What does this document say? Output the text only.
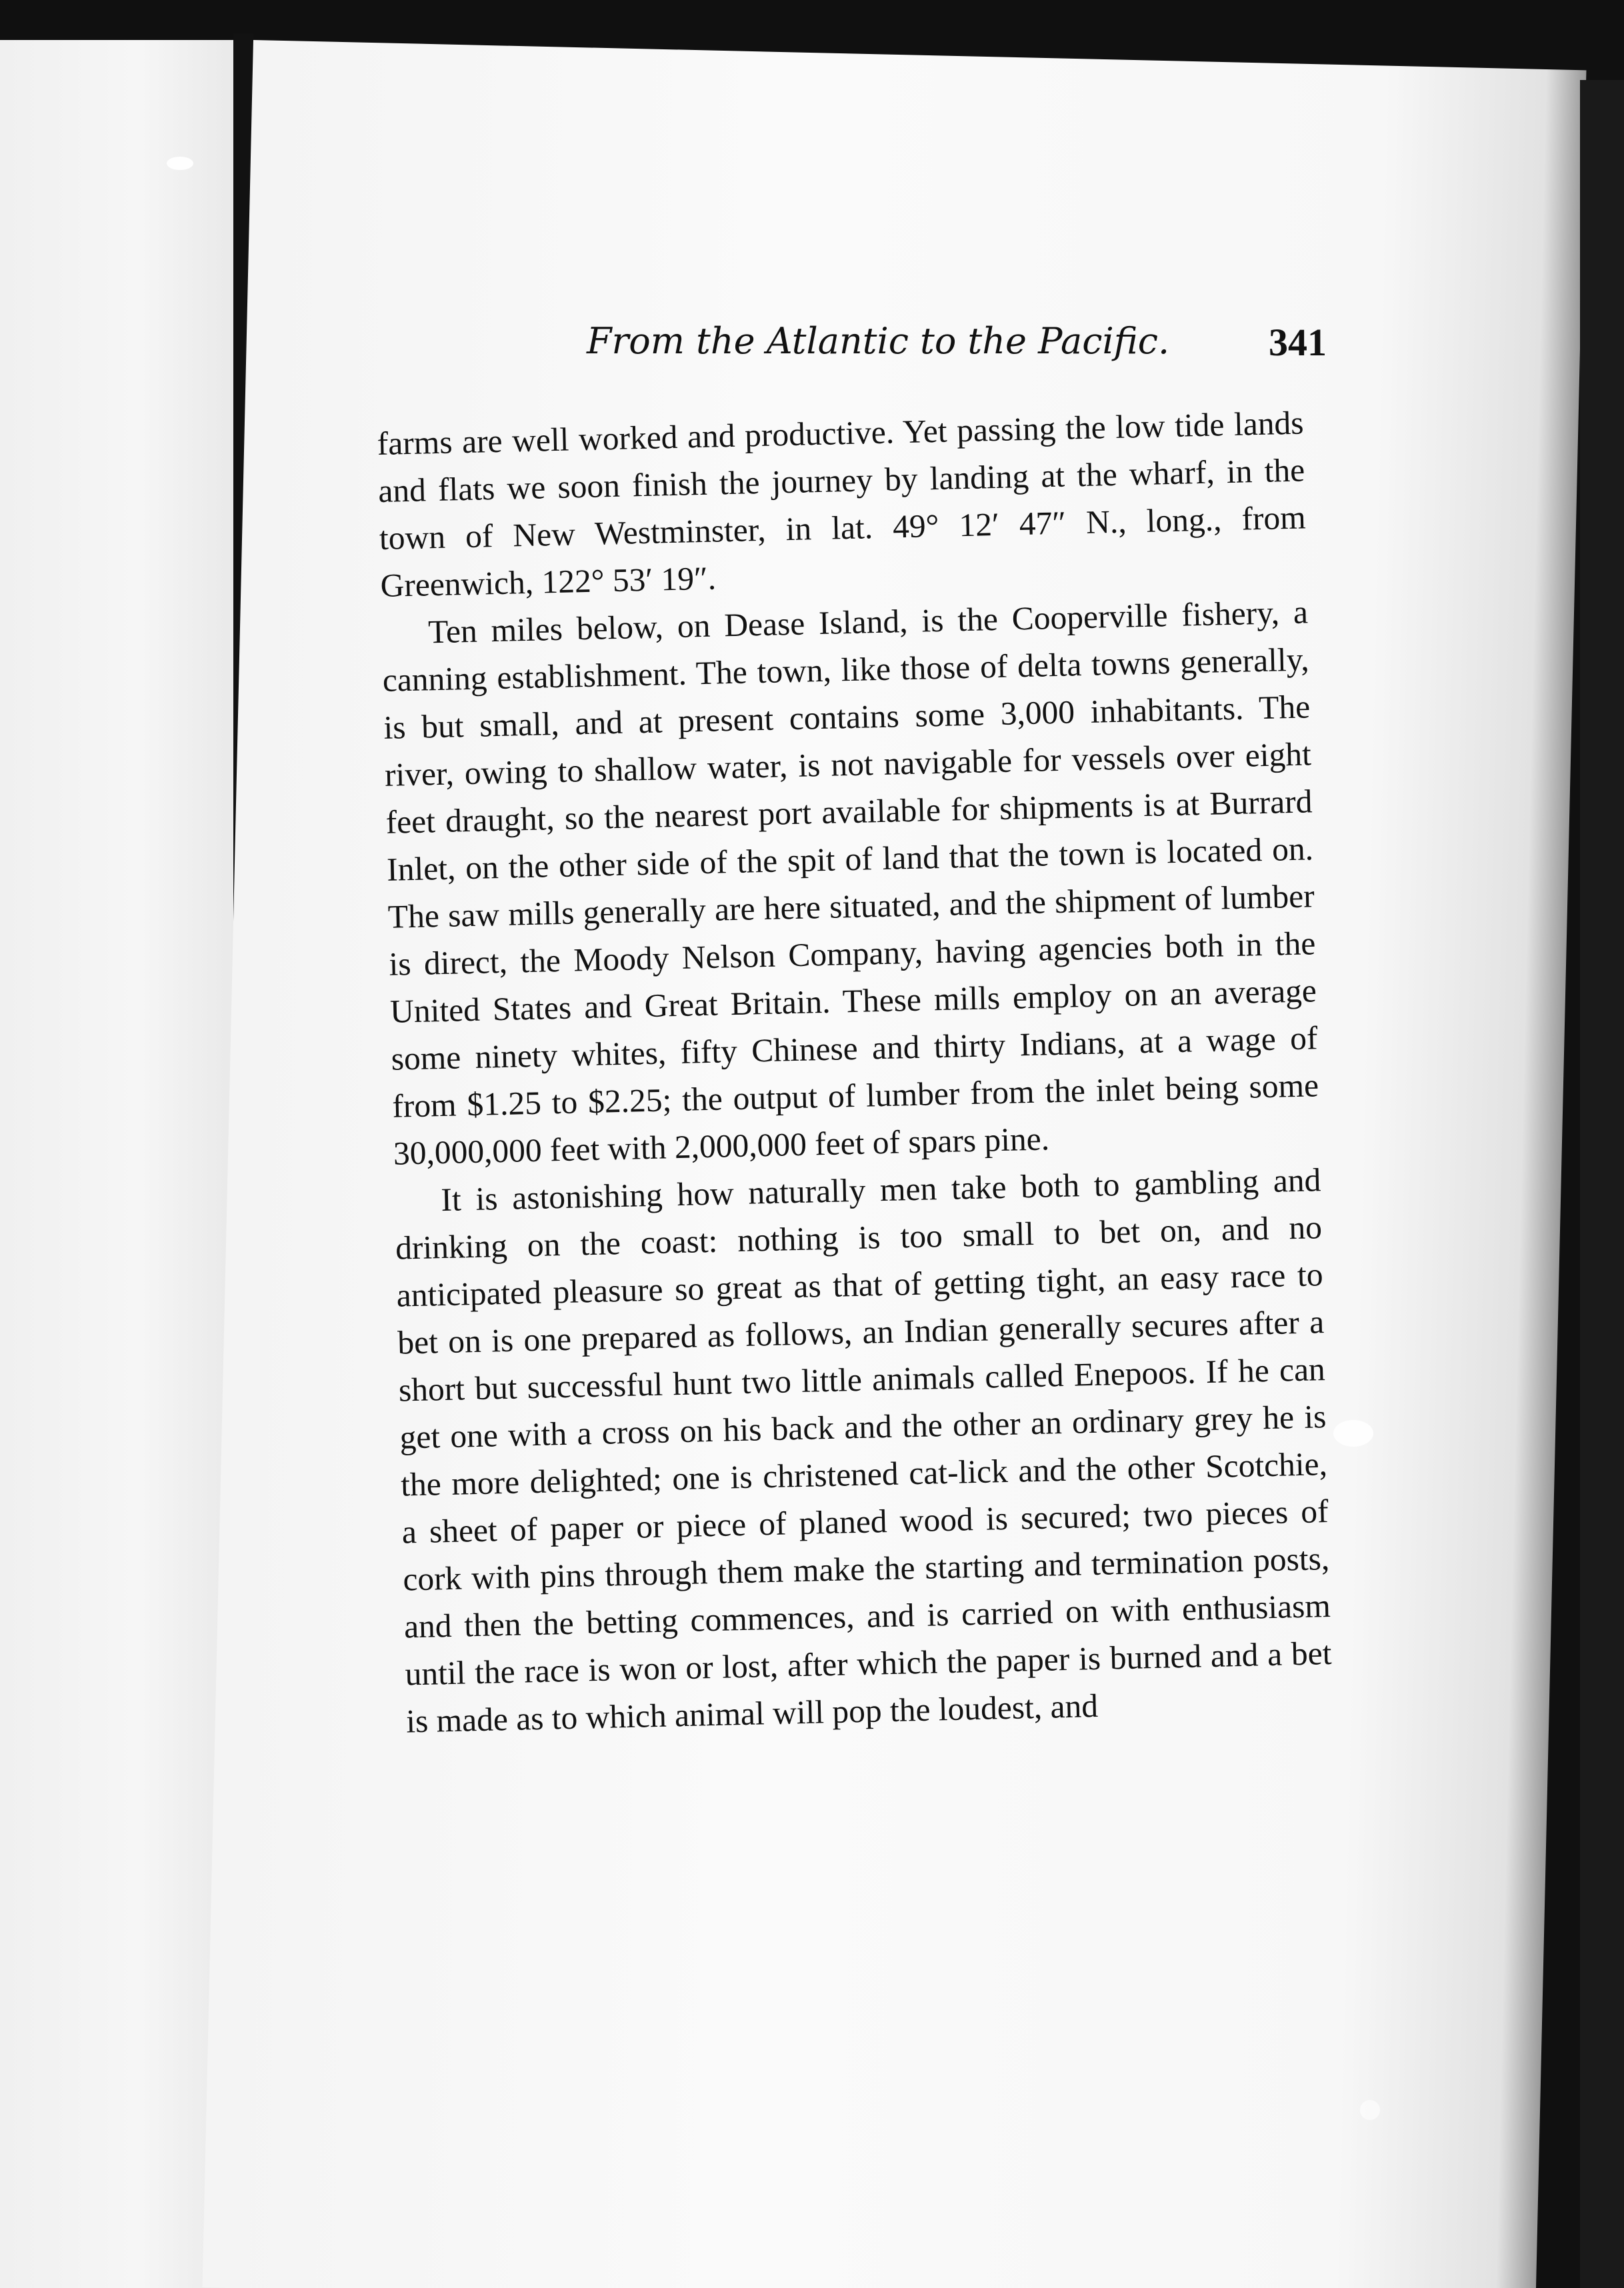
From the Atlantic to the Pacific.	341

farms are well worked and productive. Yet passing the low tide lands and flats we soon finish the journey by landing at the wharf, in the town of New Westminster, in lat. 49° 12′ 47″ N., long., from Greenwich, 122° 53′ 19″.

Ten miles below, on Dease Island, is the Cooperville fishery, a canning establishment. The town, like those of delta towns generally, is but small, and at present contains some 3,000 inhabitants. The river, owing to shallow water, is not navigable for vessels over eight feet draught, so the nearest port available for shipments is at Burrard Inlet, on the other side of the spit of land that the town is located on. The saw mills generally are here situated, and the shipment of lumber is direct, the Moody Nelson Company, having agencies both in the United States and Great Britain. These mills employ on an average some ninety whites, fifty Chinese and thirty Indians, at a wage of from $1.25 to $2.25; the output of lumber from the inlet being some 30,000,000 feet with 2,000,000 feet of spars pine.

It is astonishing how naturally men take both to gambling and drinking on the coast: nothing is too small to bet on, and no anticipated pleasure so great as that of getting tight, an easy race to bet on is one prepared as follows, an Indian generally secures after a short but successful hunt two little animals called Enepoos. If he can get one with a cross on his back and the other an ordinary grey he is the more delighted; one is christened cat-lick and the other Scotchie, a sheet of paper or piece of planed wood is secured; two pieces of cork with pins through them make the starting and termination posts, and then the betting commences, and is carried on with enthusiasm until the race is won or lost, after which the paper is burned and a bet is made as to which animal will pop the loudest, and
